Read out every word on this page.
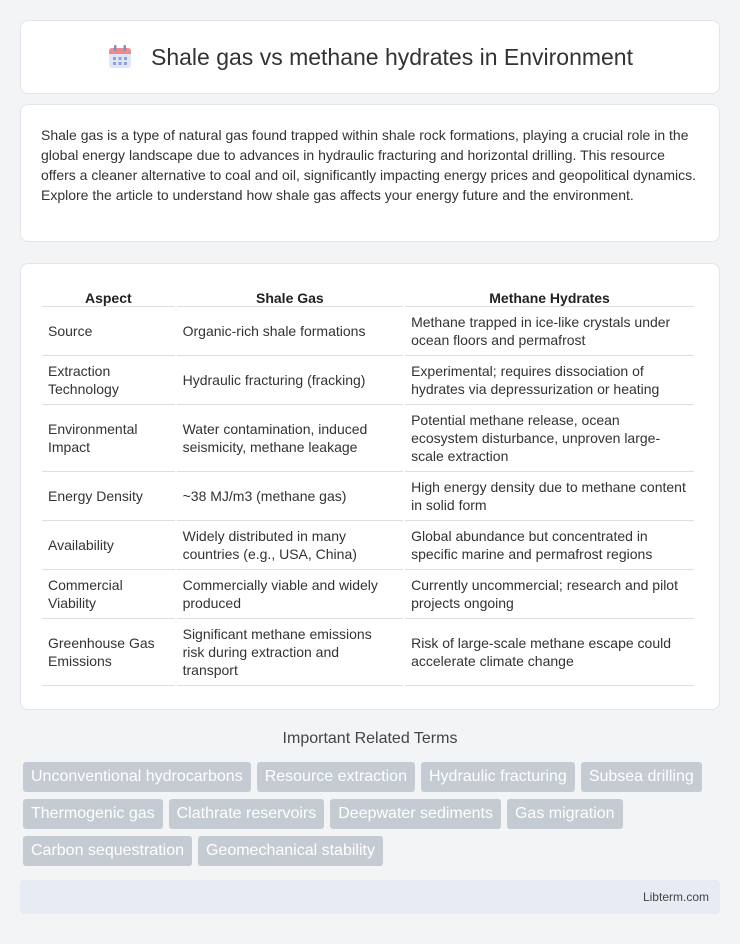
Shale gas vs methane hydrates in Environment

Shale gas is a type of natural gas found trapped within shale rock formations, playing a crucial role in the global energy landscape due to advances in hydraulic fracturing and horizontal drilling. This resource offers a cleaner alternative to coal and oil, significantly impacting energy prices and geopolitical dynamics. Explore the article to understand how shale gas affects your energy future and the environment.

Aspect	Shale Gas	Methane Hydrates
Source	Organic-rich shale formations	Methane trapped in ice-like crystals under ocean floors and permafrost
Extraction Technology	Hydraulic fracturing (fracking)	Experimental; requires dissociation of hydrates via depressurization or heating
Environmental Impact	Water contamination, induced seismicity, methane leakage	Potential methane release, ocean ecosystem disturbance, unproven large-scale extraction
Energy Density	~38 MJ/m3 (methane gas)	High energy density due to methane content in solid form
Availability	Widely distributed in many countries (e.g., USA, China)	Global abundance but concentrated in specific marine and permafrost regions
Commercial Viability	Commercially viable and widely produced	Currently uncommercial; research and pilot projects ongoing
Greenhouse Gas Emissions	Significant methane emissions risk during extraction and transport	Risk of large-scale methane escape could accelerate climate change
Important Related Terms
Unconventional hydrocarbons	Resource extraction	Hydraulic fracturing	Subsea drilling
Thermogenic gas	Clathrate reservoirs	Deepwater sediments	Gas migration
Carbon sequestration	Geomechanical stability
Libterm.com
